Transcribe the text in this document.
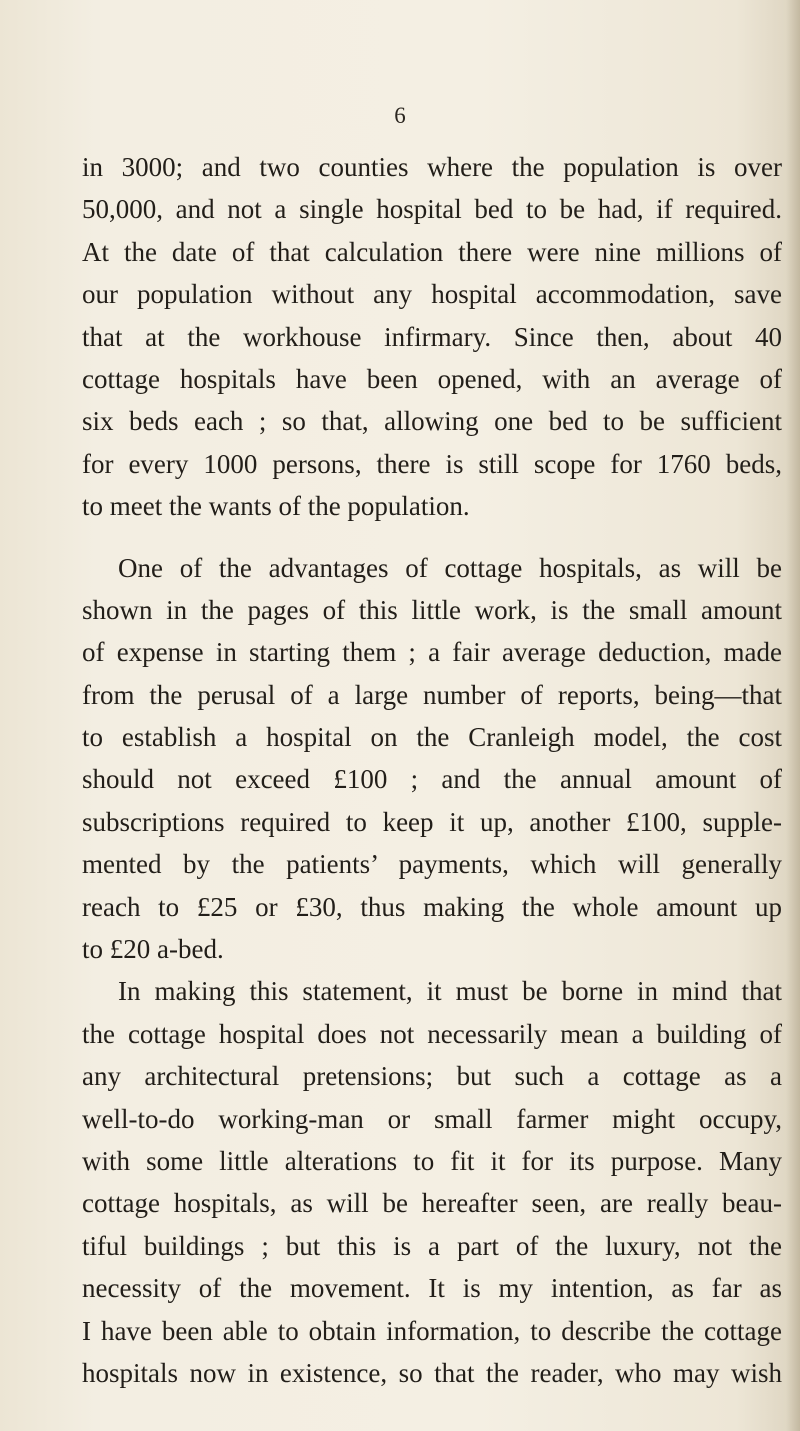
6
in 3000; and two counties where the population is over
50,000, and not a single hospital bed to be had, if required.
At the date of that calculation there were nine millions of
our population without any hospital accommodation, save
that at the workhouse infirmary. Since then, about 40
cottage hospitals have been opened, with an average of
six beds each ; so that, allowing one bed to be sufficient
for every 1000 persons, there is still scope for 1760 beds,
to meet the wants of the population.
One of the advantages of cottage hospitals, as will be
shown in the pages of this little work, is the small amount
of expense in starting them ; a fair average deduction, made
from the perusal of a large number of reports, being—that
to establish a hospital on the Cranleigh model, the cost
should not exceed £100 ; and the annual amount of
subscriptions required to keep it up, another £100, supple-
mented by the patients’ payments, which will generally
reach to £25 or £30, thus making the whole amount up
to £20 a-bed.
In making this statement, it must be borne in mind that
the cottage hospital does not necessarily mean a building of
any architectural pretensions; but such a cottage as a
well-to-do working-man or small farmer might occupy,
with some little alterations to fit it for its purpose. Many
cottage hospitals, as will be hereafter seen, are really beau-
tiful buildings ; but this is a part of the luxury, not the
necessity of the movement. It is my intention, as far as
I have been able to obtain information, to describe the cottage
hospitals now in existence, so that the reader, who may wish
